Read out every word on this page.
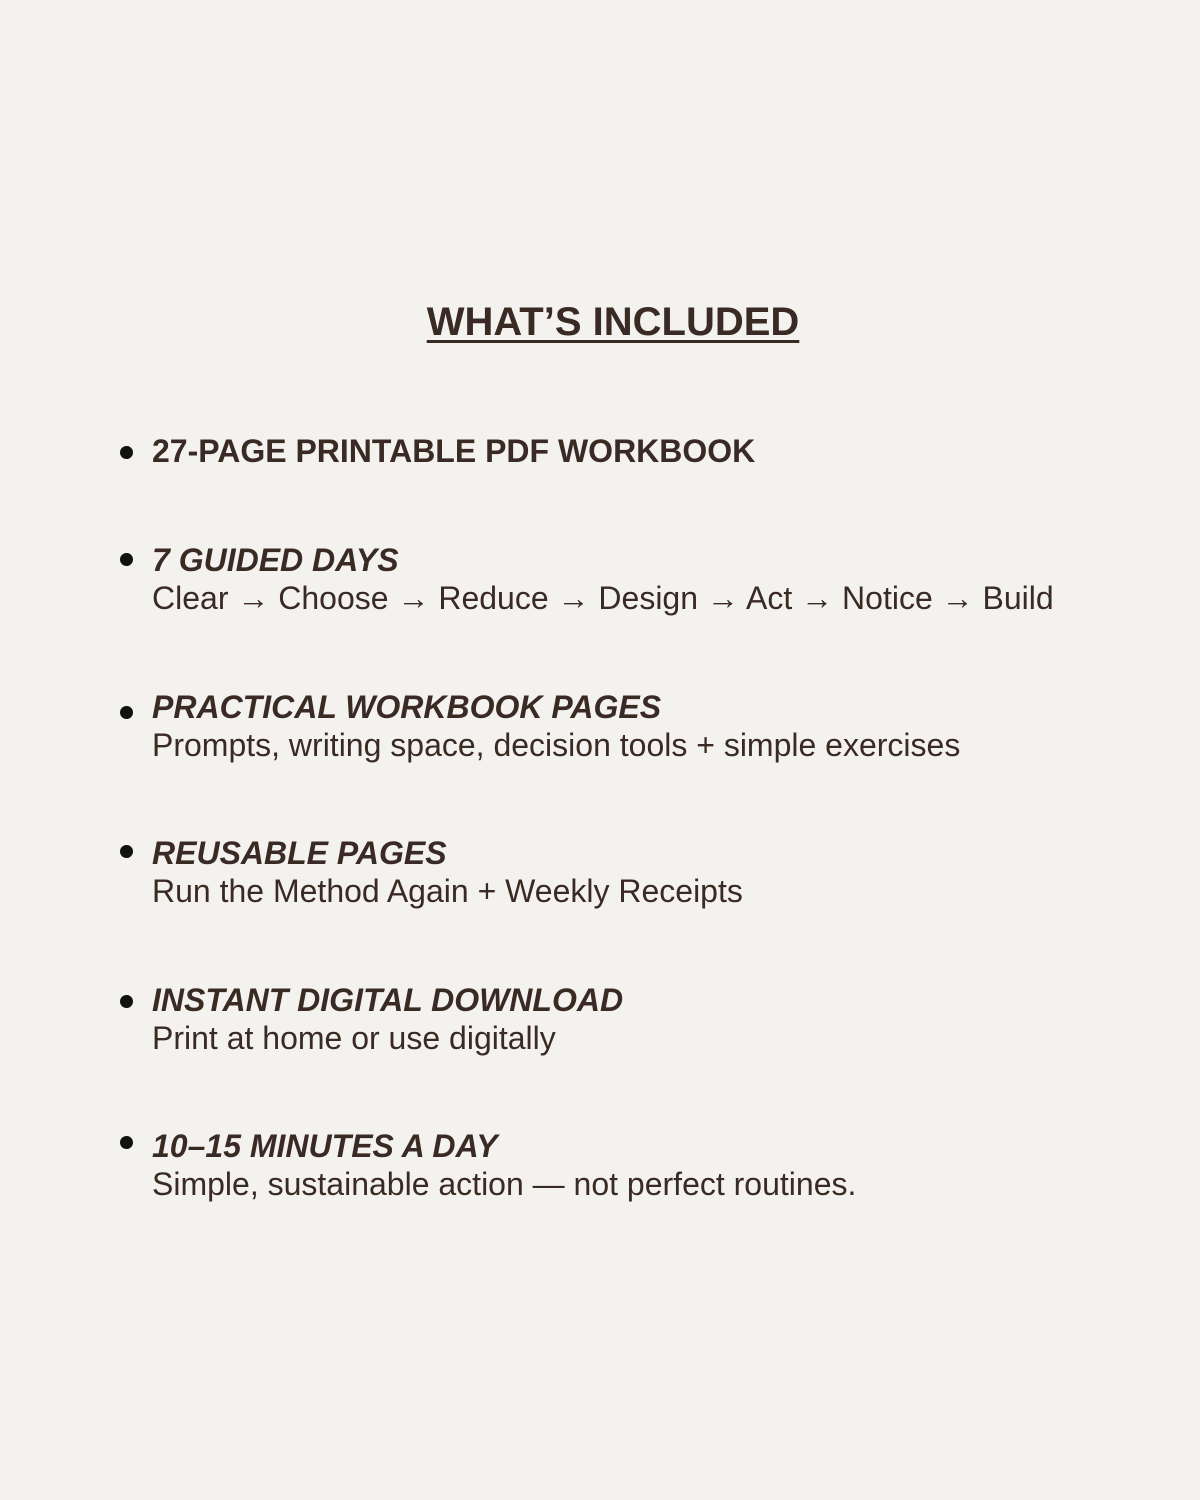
WHAT’S INCLUDED
27-PAGE PRINTABLE PDF WORKBOOK
7 GUIDED DAYS
Clear → Choose → Reduce → Design → Act → Notice → Build
PRACTICAL WORKBOOK PAGES
Prompts, writing space, decision tools + simple exercises
REUSABLE PAGES
Run the Method Again + Weekly Receipts
INSTANT DIGITAL DOWNLOAD
Print at home or use digitally
10–15 MINUTES A DAY
Simple, sustainable action — not perfect routines.
